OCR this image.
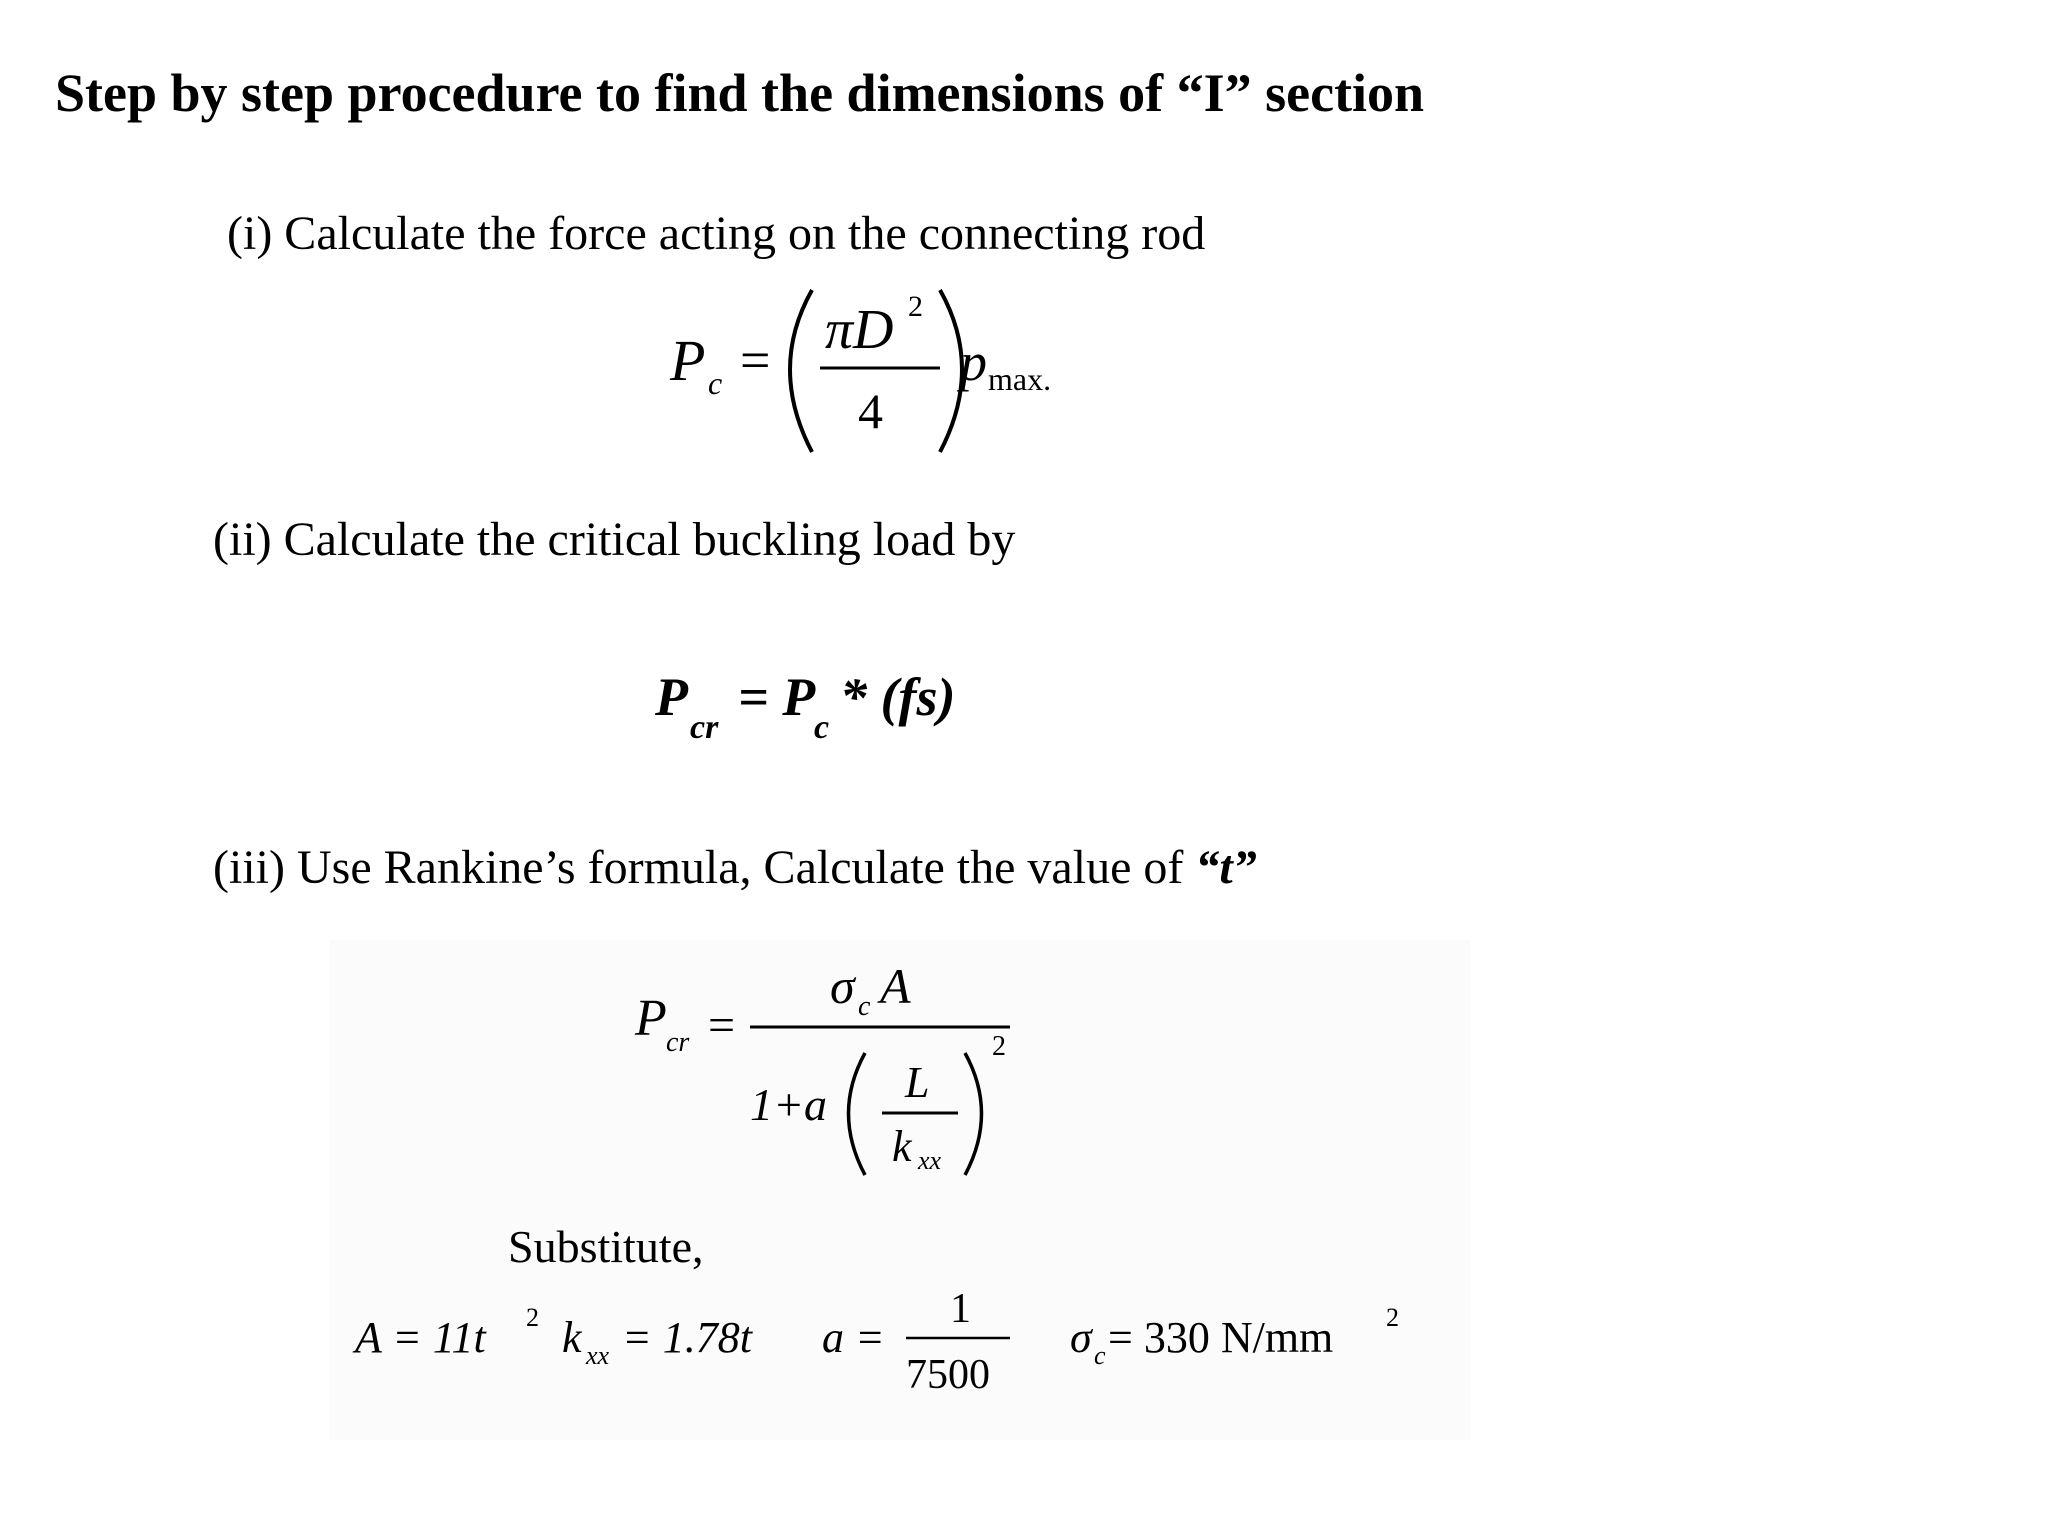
Step by step procedure to find the dimensions of “I” section
(i) Calculate the force acting on the connecting rod
P c = πD 2
4
p max.
(ii) Calculate the critical buckling load by
P
cr
= P
c
* (fs)
(iii) Use Rankine’s formula, Calculate the value of “t”
P cr =
σ c A
1+a L
k xx
2
Substitute,
A = 11t 2 k xx = 1.78t a =
1
7500
σ c = 330 N/mm 2
